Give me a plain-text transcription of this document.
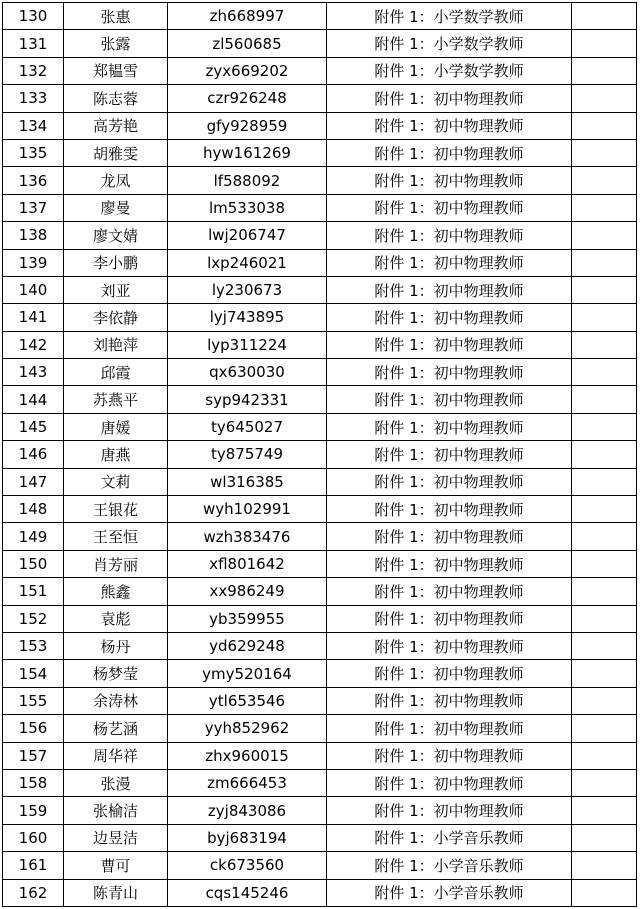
130	张惠	zh668997	附件 1：小学数学教师	
131	张露	zl560685	附件 1：小学数学教师	
132	郑韫雪	zyx669202	附件 1：小学数学教师	
133	陈志蓉	czr926248	附件 1：初中物理教师	
134	高芳艳	gfy928959	附件 1：初中物理教师	
135	胡雅雯	hyw161269	附件 1：初中物理教师	
136	龙凤	lf588092	附件 1：初中物理教师	
137	廖曼	lm533038	附件 1：初中物理教师	
138	廖文婧	lwj206747	附件 1：初中物理教师	
139	李小鹏	lxp246021	附件 1：初中物理教师	
140	刘亚	ly230673	附件 1：初中物理教师	
141	李依静	lyj743895	附件 1：初中物理教师	
142	刘艳萍	lyp311224	附件 1：初中物理教师	
143	邱霞	qx630030	附件 1：初中物理教师	
144	苏燕平	syp942331	附件 1：初中物理教师	
145	唐媛	ty645027	附件 1：初中物理教师	
146	唐燕	ty875749	附件 1：初中物理教师	
147	文莉	wl316385	附件 1：初中物理教师	
148	王银花	wyh102991	附件 1：初中物理教师	
149	王至恒	wzh383476	附件 1：初中物理教师	
150	肖芳丽	xfl801642	附件 1：初中物理教师	
151	熊鑫	xx986249	附件 1：初中物理教师	
152	袁彪	yb359955	附件 1：初中物理教师	
153	杨丹	yd629248	附件 1：初中物理教师	
154	杨梦莹	ymy520164	附件 1：初中物理教师	
155	余涛林	ytl653546	附件 1：初中物理教师	
156	杨艺涵	yyh852962	附件 1：初中物理教师	
157	周华祥	zhx960015	附件 1：初中物理教师	
158	张漫	zm666453	附件 1：初中物理教师	
159	张榆洁	zyj843086	附件 1：初中物理教师	
160	边昱洁	byj683194	附件 1：小学音乐教师	
161	曹可	ck673560	附件 1：小学音乐教师	
162	陈青山	cqs145246	附件 1：小学音乐教师	
